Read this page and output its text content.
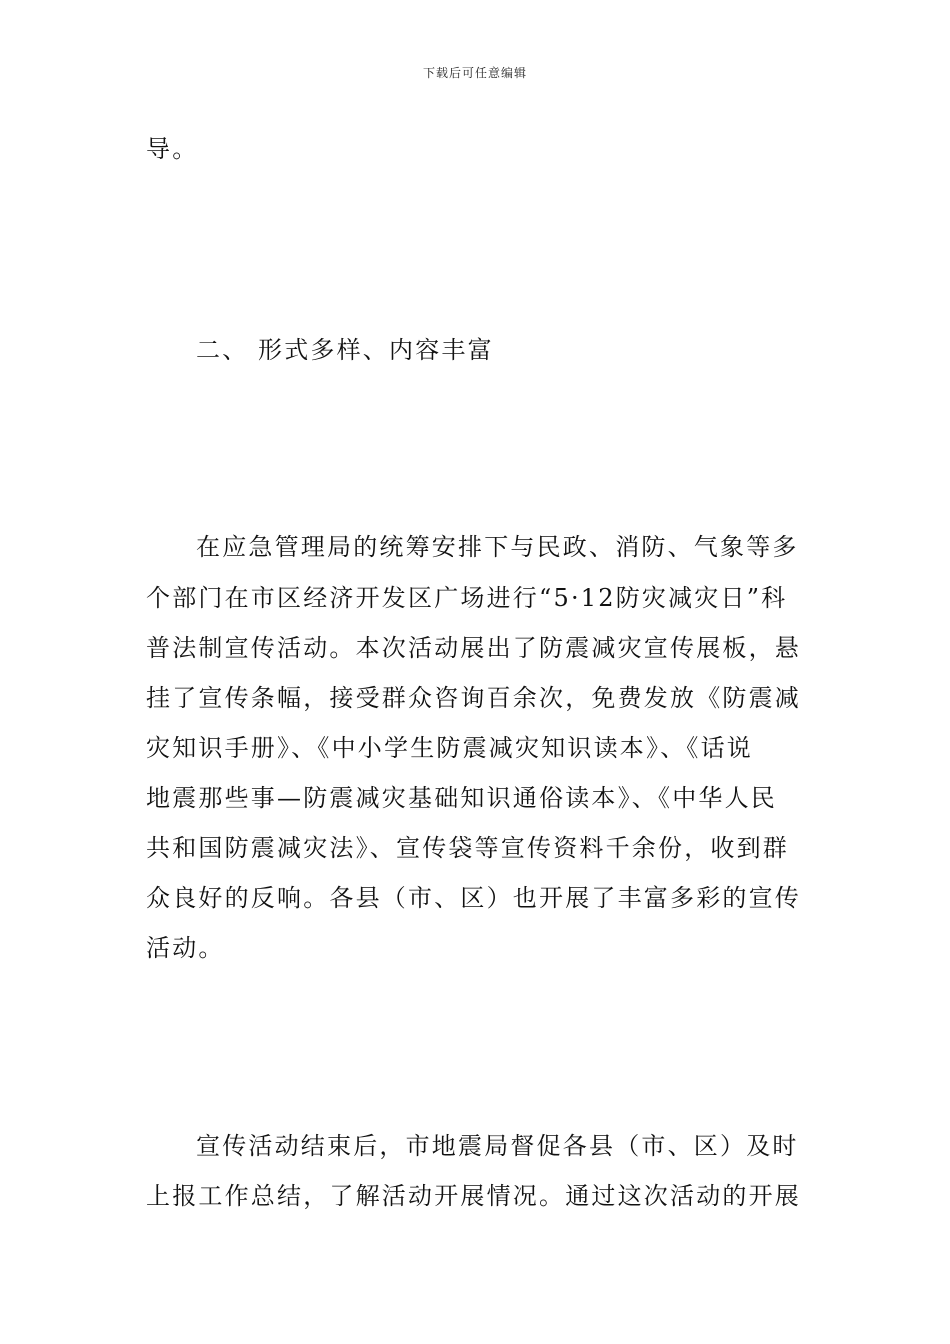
下载后可任意编辑
导。
二、 形式多样、内容丰富
在应急管理局的统筹安排下与民政、消防、气象等多
个部门在市区经济开发区广场进行“5·12防灾减灾日”科
普法制宣传活动。本次活动展出了防震减灾宣传展板，悬
挂了宣传条幅，接受群众咨询百余次，免费发放《防震减
灾知识手册》、《中小学生防震减灾知识读本》、《话说
地震那些事—防震减灾基础知识通俗读本》、《中华人民
共和国防震减灾法》、宣传袋等宣传资料千余份，收到群
众良好的反响。各县（市、区）也开展了丰富多彩的宣传
活动。
宣传活动结束后，市地震局督促各县（市、区）及时
上报工作总结，了解活动开展情况。通过这次活动的开展
